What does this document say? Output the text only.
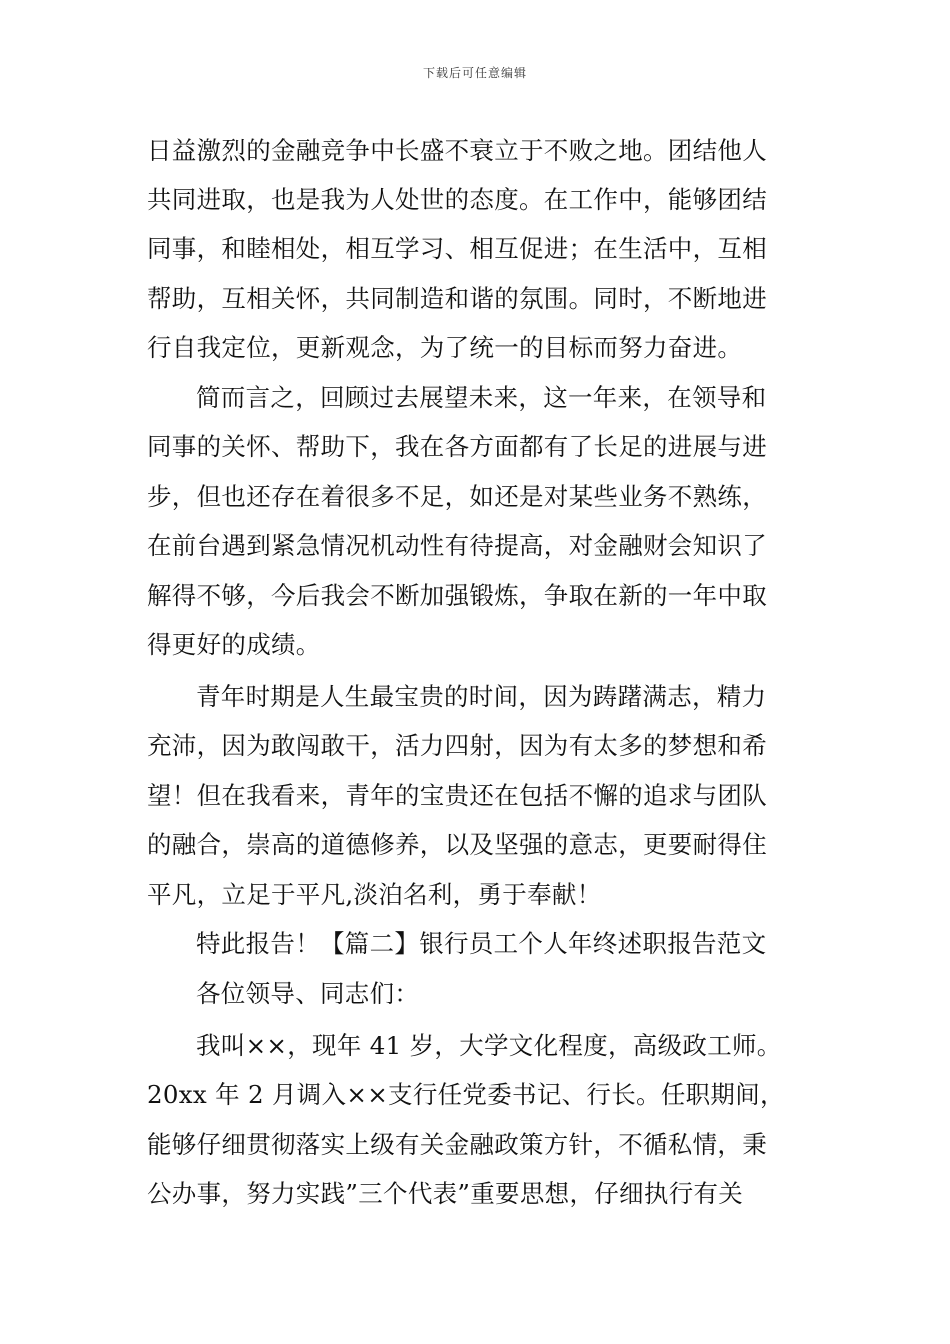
下载后可任意编辑
日益激烈的金融竞争中长盛不衰立于不败之地。团结他人
共同进取，也是我为人处世的态度。在工作中，能够团结
同事，和睦相处，相互学习、相互促进；在生活中，互相
帮助，互相关怀，共同制造和谐的氛围。同时，不断地进
行自我定位，更新观念，为了统一的目标而努力奋进。
简而言之，回顾过去展望未来，这一年来，在领导和
同事的关怀、帮助下，我在各方面都有了长足的进展与进
步，但也还存在着很多不足，如还是对某些业务不熟练，
在前台遇到紧急情况机动性有待提高，对金融财会知识了
解得不够，今后我会不断加强锻炼，争取在新的一年中取
得更好的成绩。
青年时期是人生最宝贵的时间，因为踌躇满志，精力
充沛，因为敢闯敢干，活力四射，因为有太多的梦想和希
望！但在我看来，青年的宝贵还在包括不懈的追求与团队
的融合，崇高的道德修养，以及坚强的意志，更要耐得住
平凡，立足于平凡,淡泊名利，勇于奉献！
特此报告！【篇二】银行员工个人年终述职报告范文
各位领导、同志们：
我叫××，现年 41 岁，大学文化程度，高级政工师。
20xx 年 2 月调入××支行任党委书记、行长。任职期间，
能够仔细贯彻落实上级有关金融政策方针，不循私情，秉
公办事，努力实践”三个代表”重要思想，仔细执行有关
